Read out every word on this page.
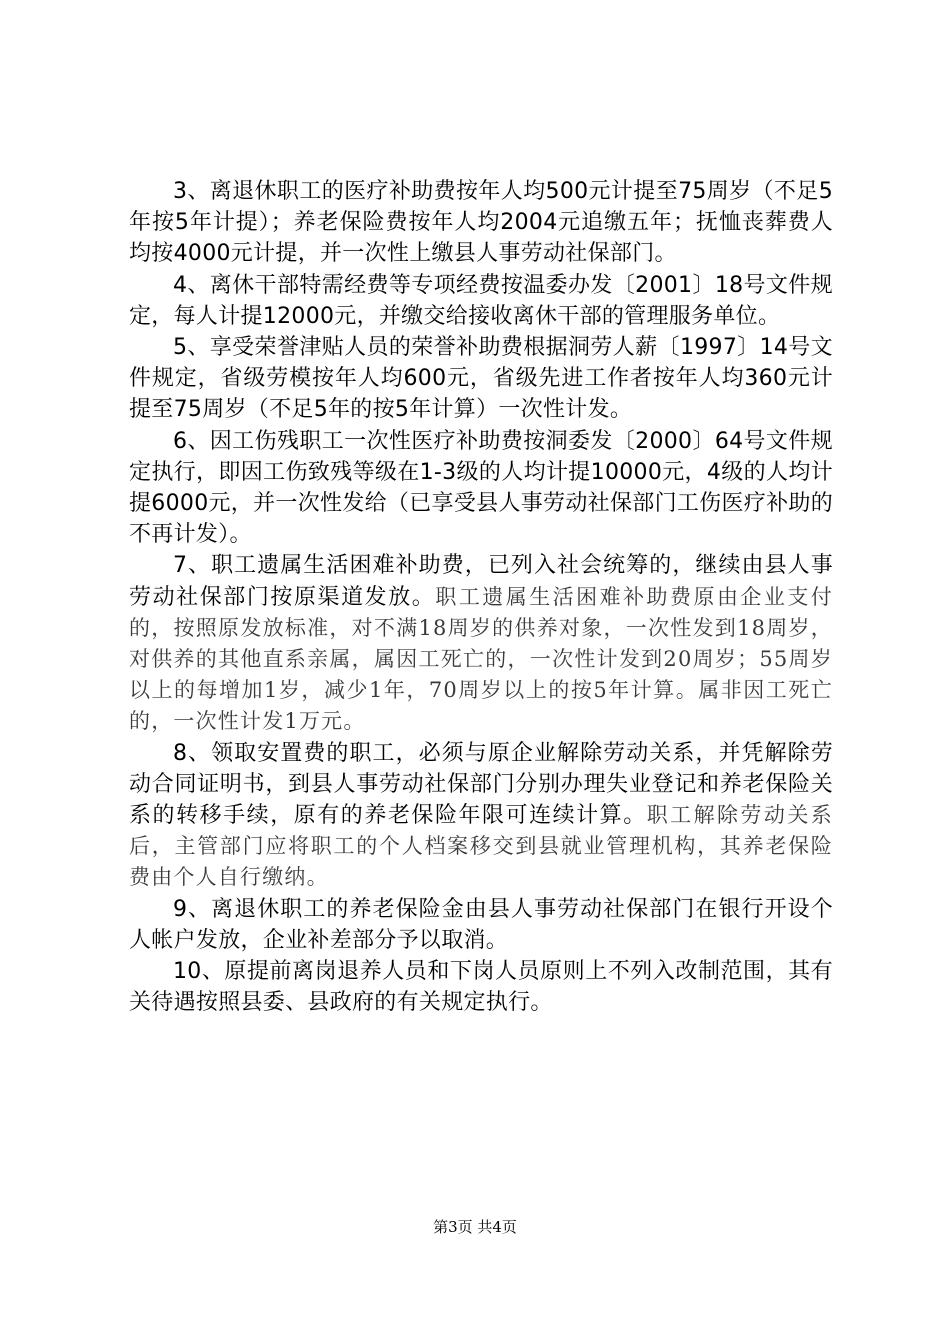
3、离退休职工的医疗补助费按年人均500元计提至75周岁（不足5年按5年计提）；养老保险费按年人均2004元追缴五年；抚恤丧葬费人均按4000元计提，并一次性上缴县人事劳动社保部门。

4、离休干部特需经费等专项经费按温委办发〔2001〕18号文件规定，每人计提12000元，并缴交给接收离休干部的管理服务单位。

5、享受荣誉津贴人员的荣誉补助费根据洞劳人薪〔1997〕14号文件规定，省级劳模按年人均600元，省级先进工作者按年人均360元计提至75周岁（不足5年的按5年计算）一次性计发。

6、因工伤残职工一次性医疗补助费按洞委发〔2000〕64号文件规定执行，即因工伤致残等级在1-3级的人均计提10000元，4级的人均计提6000元，并一次性发给（已享受县人事劳动社保部门工伤医疗补助的不再计发）。

7、职工遗属生活困难补助费，已列入社会统筹的，继续由县人事劳动社保部门按原渠道发放。职工遗属生活困难补助费原由企业支付的，按照原发放标准，对不满18周岁的供养对象，一次性发到18周岁，对供养的其他直系亲属，属因工死亡的，一次性计发到20周岁；55周岁以上的每增加1岁，减少1年，70周岁以上的按5年计算。属非因工死亡的，一次性计发1万元。

8、领取安置费的职工，必须与原企业解除劳动关系，并凭解除劳动合同证明书，到县人事劳动社保部门分别办理失业登记和养老保险关系的转移手续，原有的养老保险年限可连续计算。职工解除劳动关系后，主管部门应将职工的个人档案移交到县就业管理机构，其养老保险费由个人自行缴纳。

9、离退休职工的养老保险金由县人事劳动社保部门在银行开设个人帐户发放，企业补差部分予以取消。

10、原提前离岗退养人员和下岗人员原则上不列入改制范围，其有关待遇按照县委、县政府的有关规定执行。

第3页 共4页
